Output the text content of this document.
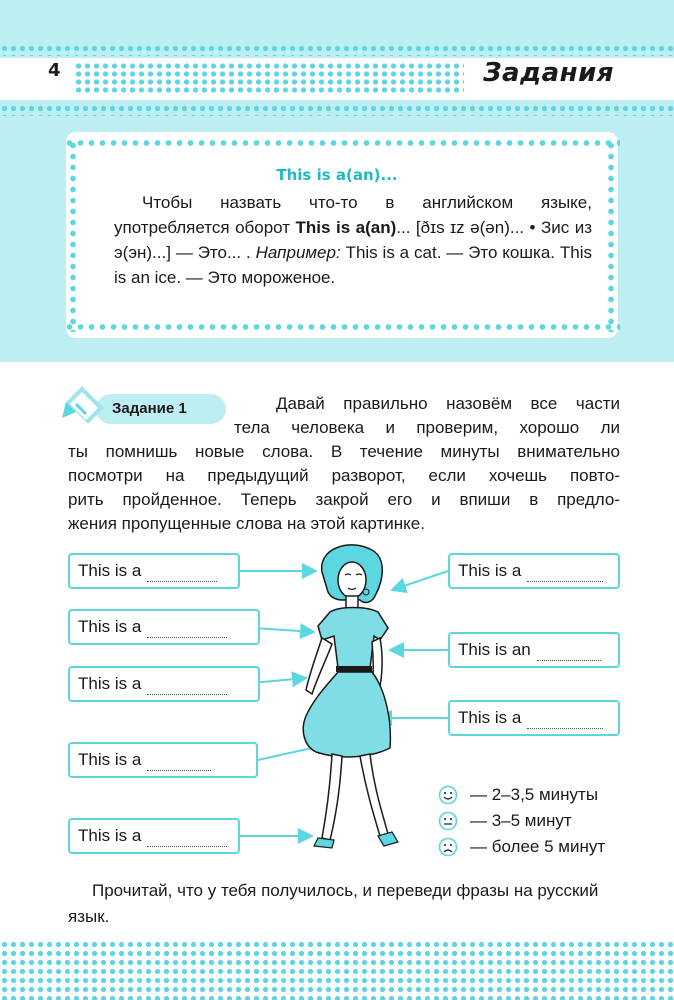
4	Задания
This is a(an)...
Чтобы назвать что-то в английском языке, употребляется оборот This is a(an)... [ðɪs ɪz ə(ən)... • Зис из э(эн)...] — Это... . Например: This is a cat. — Это кошка. This is an ice. — Это мороженое.
Задание 1	Давай правильно назовём все части
тела человека и проверим, хорошо ли
ты помнишь новые слова. В течение минуты внимательно
посмотри на предыдущий разворот, если хочешь повто-
рить пройденное. Теперь закрой его и впиши в предло-
жения пропущенные слова на этой картинке.
This is a
This is a
This is a
This is a
This is a
This is a
This is an
This is a
— 2–3,5 минуты
— 3–5 минут
— более 5 минут
Прочитай, что у тебя получилось, и переведи фразы на русский язык.
